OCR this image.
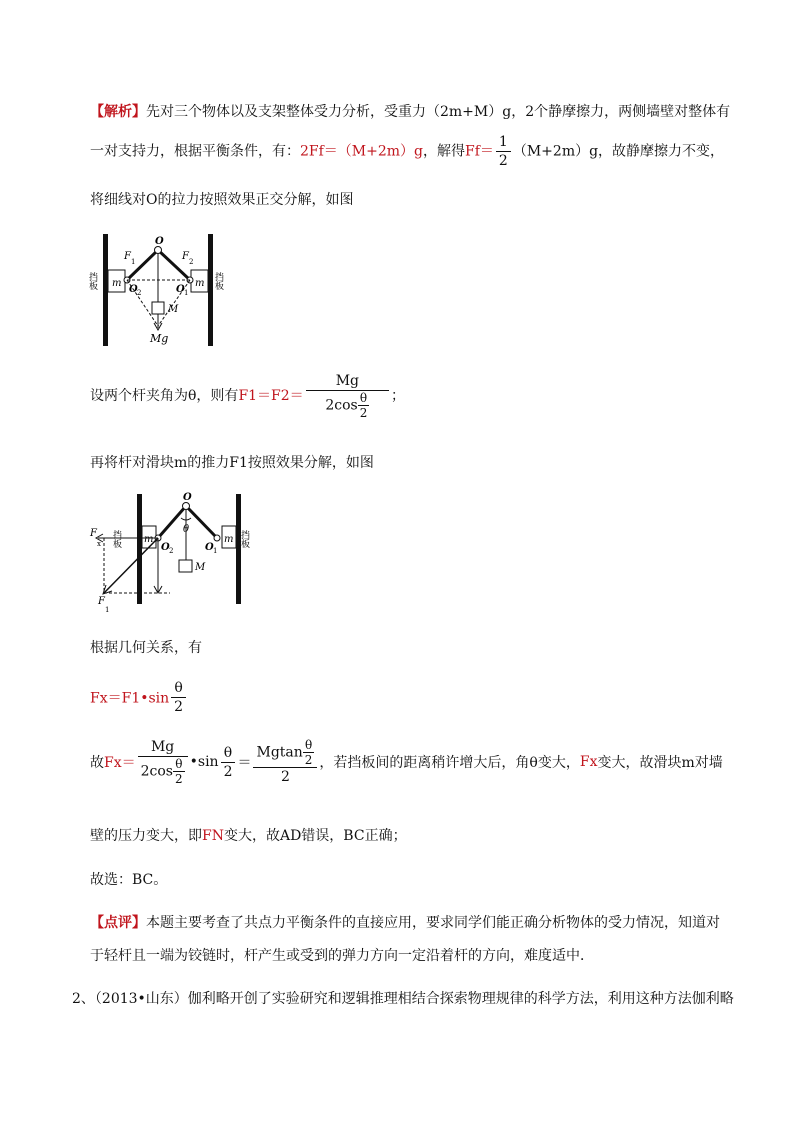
【解析】先对三个物体以及支架整体受力分析，受重力（2m+M）g，2个静摩擦力，两侧墙壁对整体有
一对支持力，根据平衡条件，有：2Ff＝（M+2m）g，解得$Ff= \frac{1}{2} (M+2m)g$，故静摩擦力不变，
将细线对O的拉力按照效果正交分解，如图
挡板	挡板
m	m
O
F 1	F 2
O 2	O 1
M
Mg
设两个杆夹角为θ，则有$F1=F2= \frac{Mg}{2\cos \frac{\theta}{2}}$ ；
再将杆对滑块m的推力F1按照效果分解，如图
挡板	挡板
m	m
O
θ
F
x
F
1
O 2	O 1
M
根据几何关系，有
Fx＝F1•sin $\frac{\theta}{2}$
故$Fx= \frac{Mg}{2\cos \frac{\theta}{2}}$ •sin $\frac{\theta}{2} = \frac{Mgtan \frac{\theta}{2}}{2}$ ，若挡板间的距离稍许增大后，角θ变大，Fx变大，故滑块m对墙
壁的压力变大，即FN变大，故AD错误，BC正确；
故选：BC。
【点评】本题主要考查了共点力平衡条件的直接应用，要求同学们能正确分析物体的受力情况，知道对
于轻杆且一端为铰链时，杆产生或受到的弹力方向一定沿着杆的方向，难度适中．
2、（2013•山东）伽利略开创了实验研究和逻辑推理相结合探索物理规律的科学方法，利用这种方法伽利略
